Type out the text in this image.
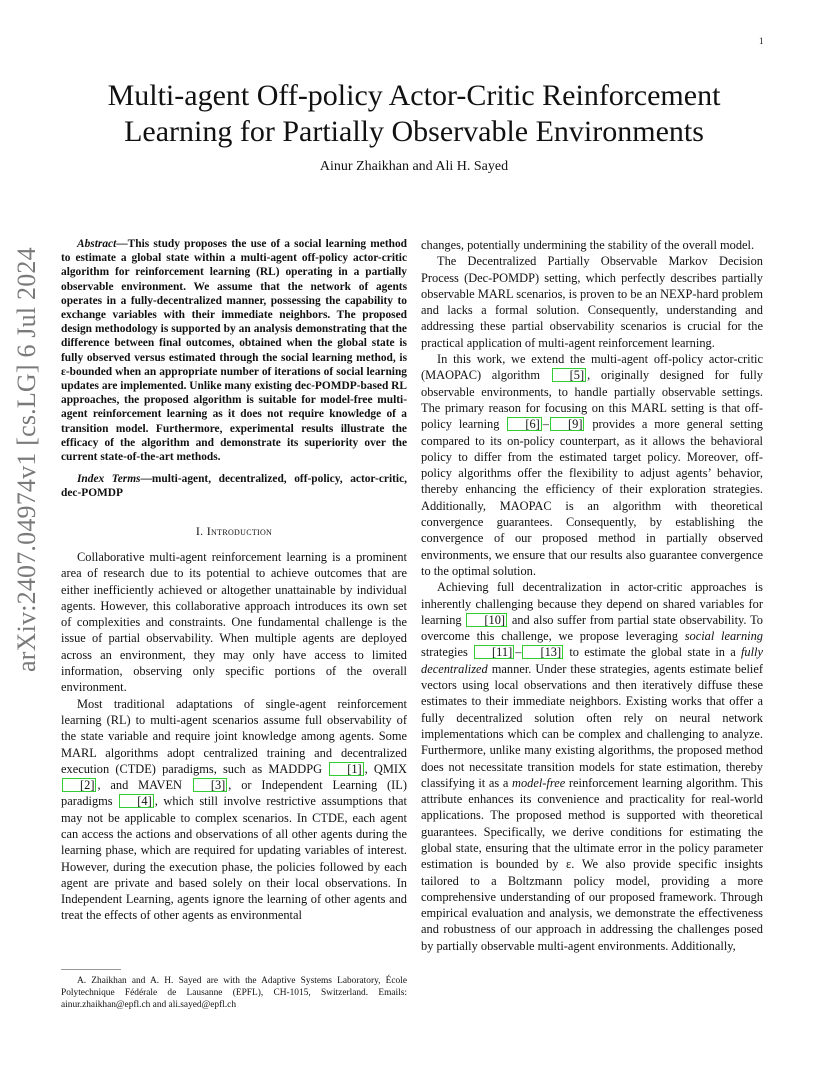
1
arXiv:2407.04974v1 [cs.LG] 6 Jul 2024
Multi-agent Off-policy Actor-Critic Reinforcement
Learning for Partially Observable Environments
Ainur Zhaikhan and Ali H. Sayed

Abstract—This study proposes the use of a social learning method to estimate a global state within a multi-agent off-policy actor-critic algorithm for reinforcement learning (RL) operating in a partially observable environment. We assume that the network of agents operates in a fully-decentralized manner, possessing the capability to exchange variables with their immediate neighbors. The proposed design methodology is supported by an analysis demonstrating that the difference between final outcomes, obtained when the global state is fully observed versus estimated through the social learning method, is ε-bounded when an appropriate number of iterations of social learning updates are implemented. Unlike many existing dec-POMDP-based RL approaches, the proposed algorithm is suitable for model-free multi-agent reinforcement learning as it does not require knowledge of a transition model. Furthermore, experimental results illustrate the efficacy of the algorithm and demonstrate its superiority over the current state-of-the-art methods.

Index Terms—multi-agent, decentralized, off-policy, actor-critic, dec-POMDP

I. Introduction

Collaborative multi-agent reinforcement learning is a prominent area of research due to its potential to achieve outcomes that are either inefficiently achieved or altogether unattainable by individual agents. However, this collaborative approach introduces its own set of complexities and constraints. One fundamental challenge is the issue of partial observability. When multiple agents are deployed across an environment, they may only have access to limited information, observing only specific portions of the overall environment.

Most traditional adaptations of single-agent reinforcement learning (RL) to multi-agent scenarios assume full observability of the state variable and require joint knowledge among agents. Some MARL algorithms adopt centralized training and decentralized execution (CTDE) paradigms, such as MADDPG [1] , QMIX [2] , and MAVEN [3] , or Independent Learning (IL) paradigms [4] , which still involve restrictive assumptions that may not be applicable to complex scenarios. In CTDE, each agent can access the actions and observations of all other agents during the learning phase, which are required for updating variables of interest. However, during the execution phase, the policies followed by each agent are private and based solely on their local observations. In Independent Learning, agents ignore the learning of other agents and treat the effects of other agents as environmental

A. Zhaikhan and A. H. Sayed are with the Adaptive Systems Laboratory, École Polytechnique Fédérale de Lausanne (EPFL), CH-1015, Switzerland. Emails: ainur.zhaikhan@epfl.ch and ali.sayed@epfl.ch

changes, potentially undermining the stability of the overall model.

The Decentralized Partially Observable Markov Decision Process (Dec-POMDP) setting, which perfectly describes partially observable MARL scenarios, is proven to be an NEXP-hard problem and lacks a formal solution. Consequently, understanding and addressing these partial observability scenarios is crucial for the practical application of multi-agent reinforcement learning.

In this work, we extend the multi-agent off-policy actor-critic (MAOPAC) algorithm [5] , originally designed for fully observable environments, to handle partially observable settings. The primary reason for focusing on this MARL setting is that off-policy learning [6] – [9] provides a more general setting compared to its on-policy counterpart, as it allows the behavioral policy to differ from the estimated target policy. Moreover, off-policy algorithms offer the flexibility to adjust agents’ behavior, thereby enhancing the efficiency of their exploration strategies. Additionally, MAOPAC is an algorithm with theoretical convergence guarantees. Consequently, by establishing the convergence of our proposed method in partially observed environments, we ensure that our results also guarantee convergence to the optimal solution.

Achieving full decentralization in actor-critic approaches is inherently challenging because they depend on shared variables for learning [10] and also suffer from partial state observability. To overcome this challenge, we propose leveraging social learning strategies [11] – [13] to estimate the global state in a fully decentralized manner. Under these strategies, agents estimate belief vectors using local observations and then iteratively diffuse these estimates to their immediate neighbors. Existing works that offer a fully decentralized solution often rely on neural network implementations which can be complex and challenging to analyze. Furthermore, unlike many existing algorithms, the proposed method does not necessitate transition models for state estimation, thereby classifying it as a model-free reinforcement learning algorithm. This attribute enhances its convenience and practicality for real-world applications. The proposed method is supported with theoretical guarantees. Specifically, we derive conditions for estimating the global state, ensuring that the ultimate error in the policy parameter estimation is bounded by ε. We also provide specific insights tailored to a Boltzmann policy model, providing a more comprehensive understanding of our proposed framework. Through empirical evaluation and analysis, we demonstrate the effectiveness and robustness of our approach in addressing the challenges posed by partially observable multi-agent environments. Additionally,
